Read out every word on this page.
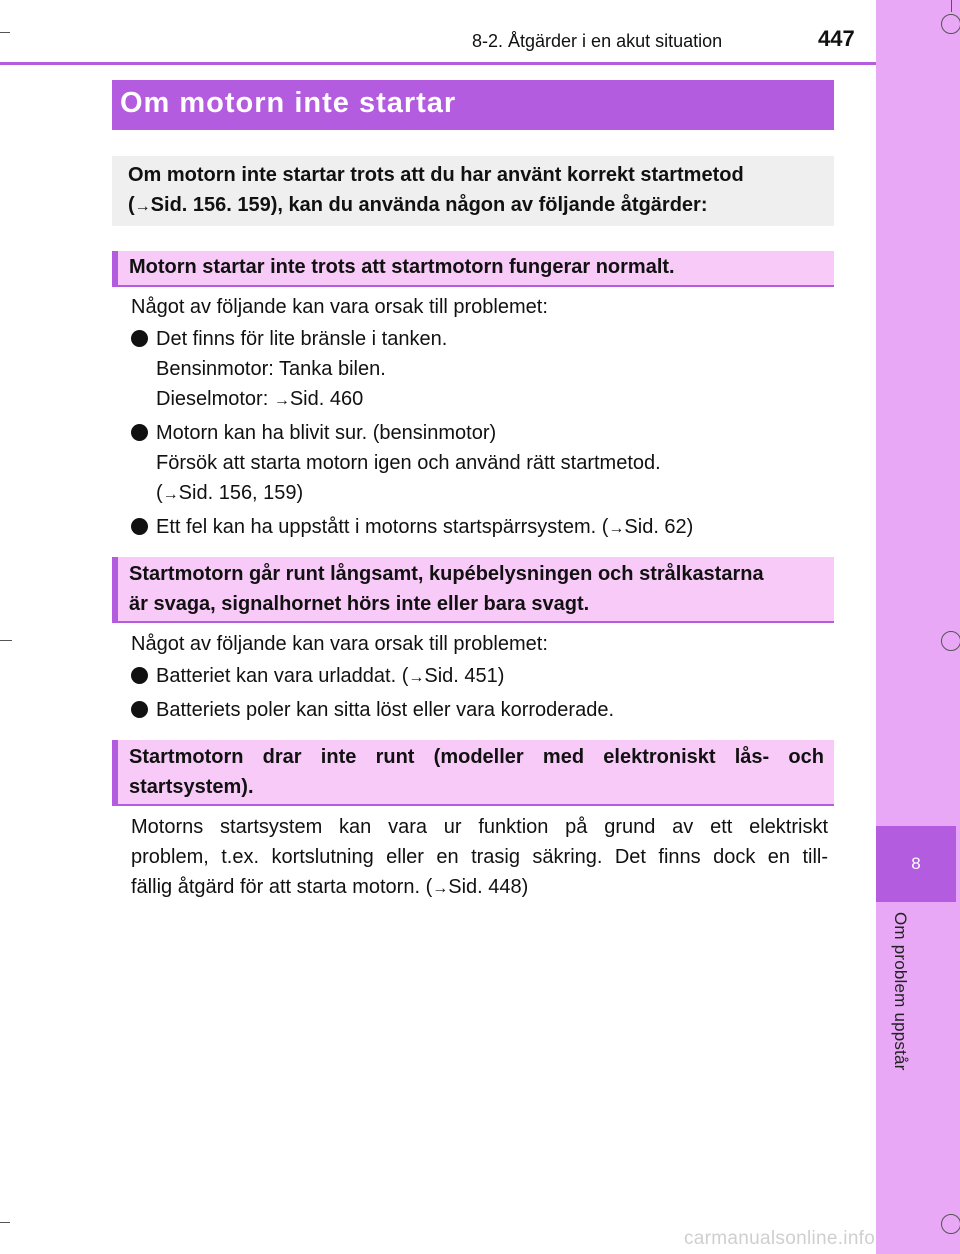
8
Om problem uppstår
8-2. Åtgärder i en akut situation	447
Om motorn inte startar
Om motorn inte startar trots att du har använt korrekt startmetod
(→Sid. 156. 159), kan du använda någon av följande åtgärder:
Motorn startar inte trots att startmotorn fungerar normalt.
Något av följande kan vara orsak till problemet:
Det finns för lite bränsle i tanken.
Bensinmotor: Tanka bilen.
Dieselmotor: →Sid. 460
Motorn kan ha blivit sur. (bensinmotor)
Försök att starta motorn igen och använd rätt startmetod.
(→Sid. 156, 159)
Ett fel kan ha uppstått i motorns startspärrsystem. (→Sid. 62)
Startmotorn går runt långsamt, kupébelysningen och strålkastarna
är svaga, signalhornet hörs inte eller bara svagt.
Något av följande kan vara orsak till problemet:
Batteriet kan vara urladdat. (→Sid. 451)
Batteriets poler kan sitta löst eller vara korroderade.
Startmotorn drar inte runt (modeller med elektroniskt lås- och
startsystem).
Motorns startsystem kan vara ur funktion på grund av ett elektriskt
problem, t.ex. kortslutning eller en trasig säkring. Det finns dock en till-
fällig åtgärd för att starta motorn. (→Sid. 448)
carmanualsonline.info
